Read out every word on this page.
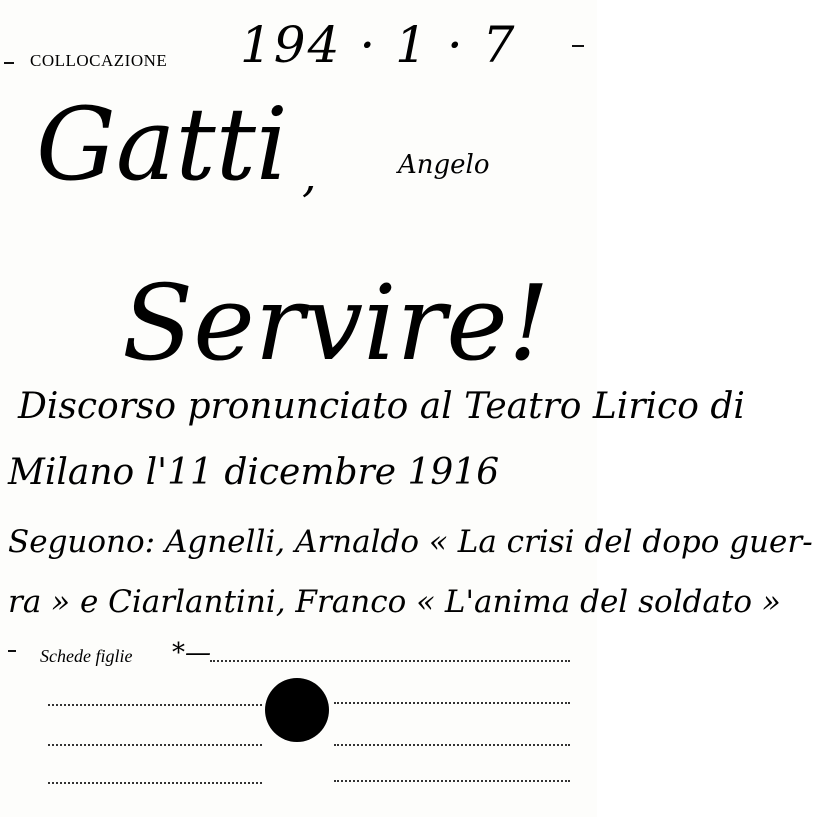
COLLOCAZIONE 194 · 1 · 7
Gatti ,	Angelo
Servire!
Discorso pronunciato al Teatro Lirico di
Milano l'11 dicembre 1916
Seguono: Agnelli, Arnaldo « La crisi del dopo guer-
ra » e Ciarlantini, Franco « L'anima del soldato »
Schede figlie *—
